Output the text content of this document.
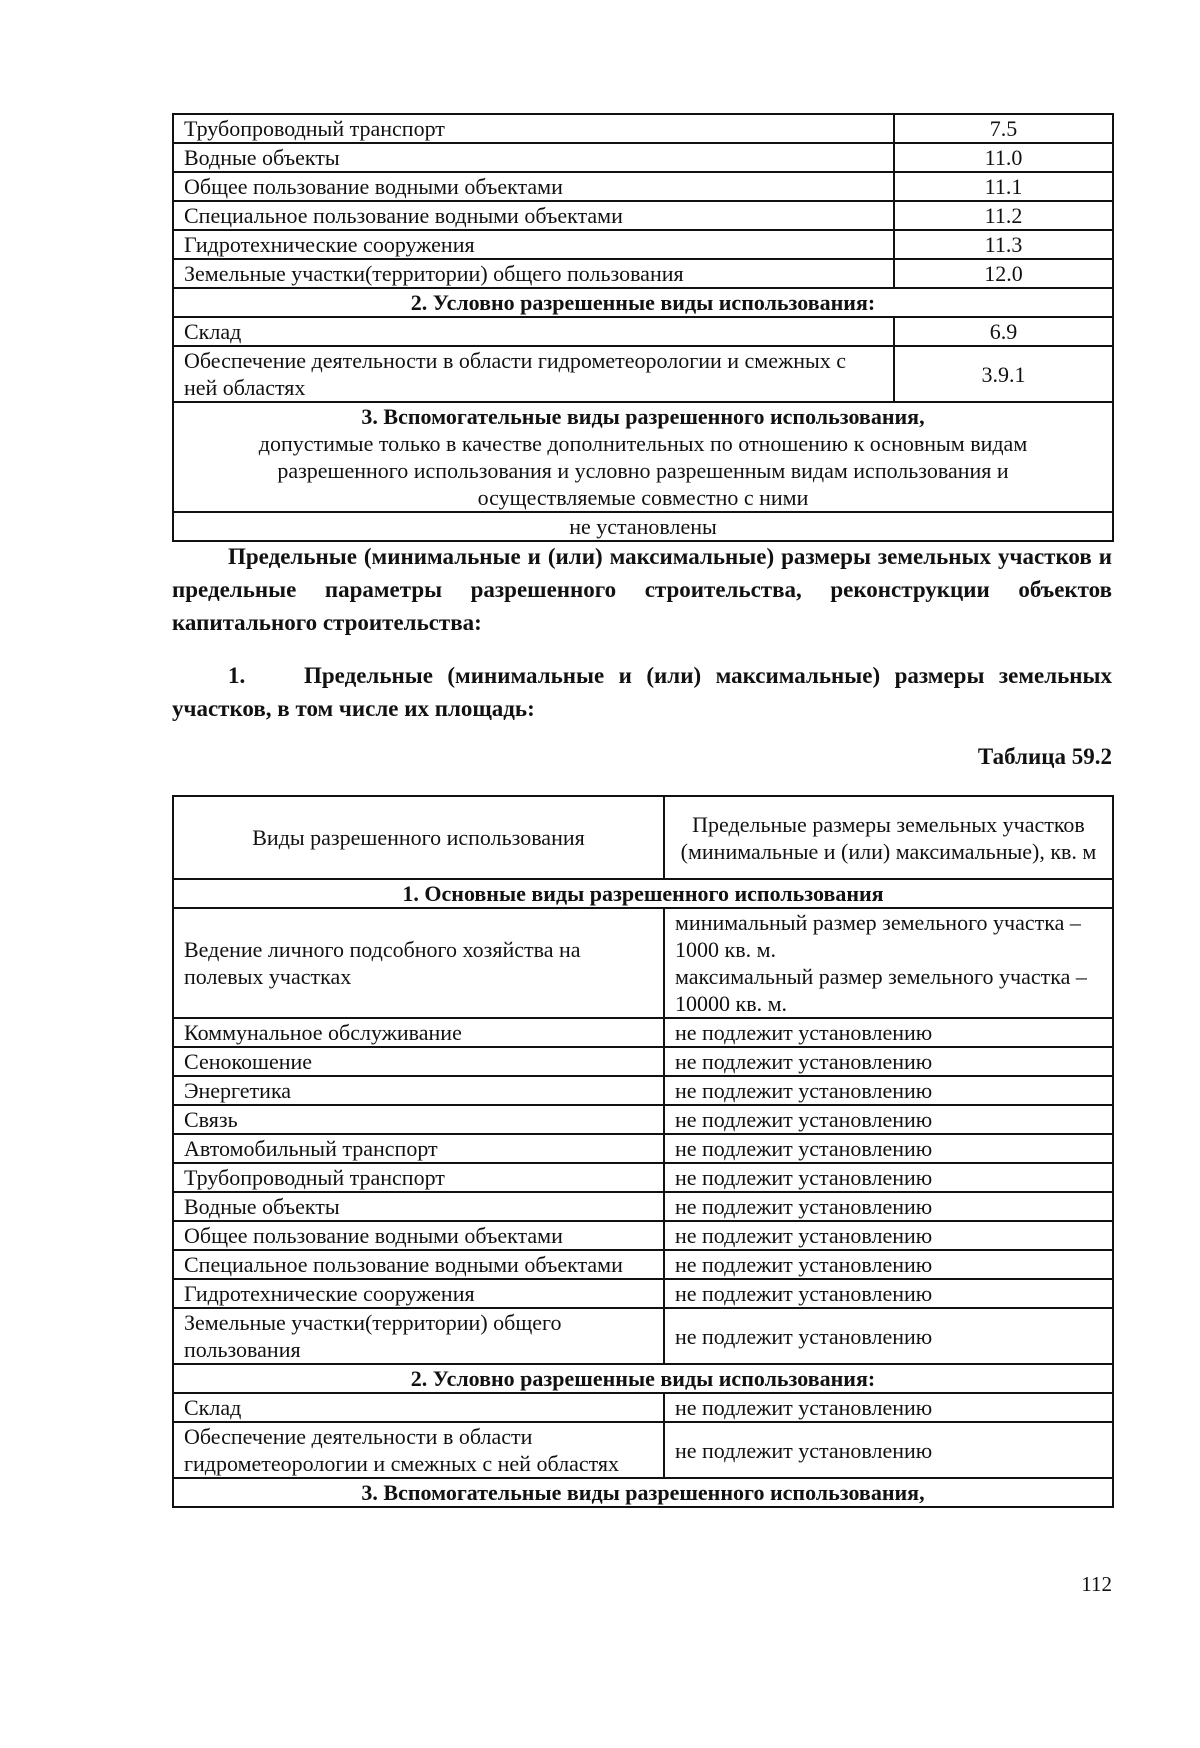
Трубопроводный транспорт	7.5
Водные объекты	11.0
Общее пользование водными объектами	11.1
Специальное пользование водными объектами	11.2
Гидротехнические сооружения	11.3
Земельные участки(территории) общего пользования	12.0
2. Условно разрешенные виды использования:	
Склад	6.9
Обеспечение деятельности в области гидрометеорологии и смежных с ней областях	3.9.1
3. Вспомогательные виды разрешенного использования,
допустимые только в качестве дополнительных по отношению к основным видам
разрешенного использования и условно разрешенным видам использования и
осуществляемые совместно с ними	

не установлены	
Предельные (минимальные и (или) максимальные) размеры земельных участков и предельные параметры разрешенного строительства, реконструкции объектов капитального строительства:
1.	Предельные (минимальные и (или) максимальные) размеры земельных участков, в том числе их площадь:
Таблица 59.2
Виды разрешенного использования	Предельные размеры земельных участков (минимальные и (или) максимальные), кв. м
1. Основные виды разрешенного использования	
Ведение личного подсобного хозяйства на полевых участках	минимальный размер земельного участка – 1000 кв. м.
максимальный размер земельного участка – 10000 кв. м.

Коммунальное обслуживание	не подлежит установлению
Сенокошение	не подлежит установлению
Энергетика	не подлежит установлению
Связь	не подлежит установлению
Автомобильный транспорт	не подлежит установлению
Трубопроводный транспорт	не подлежит установлению
Водные объекты	не подлежит установлению
Общее пользование водными объектами	не подлежит установлению
Специальное пользование водными объектами	не подлежит установлению
Гидротехнические сооружения	не подлежит установлению
Земельные участки(территории) общего пользования	не подлежит установлению
2. Условно разрешенные виды использования:	
Склад	не подлежит установлению
Обеспечение деятельности в области гидрометеорологии и смежных с ней областях	не подлежит установлению
3. Вспомогательные виды разрешенного использования,	
112
